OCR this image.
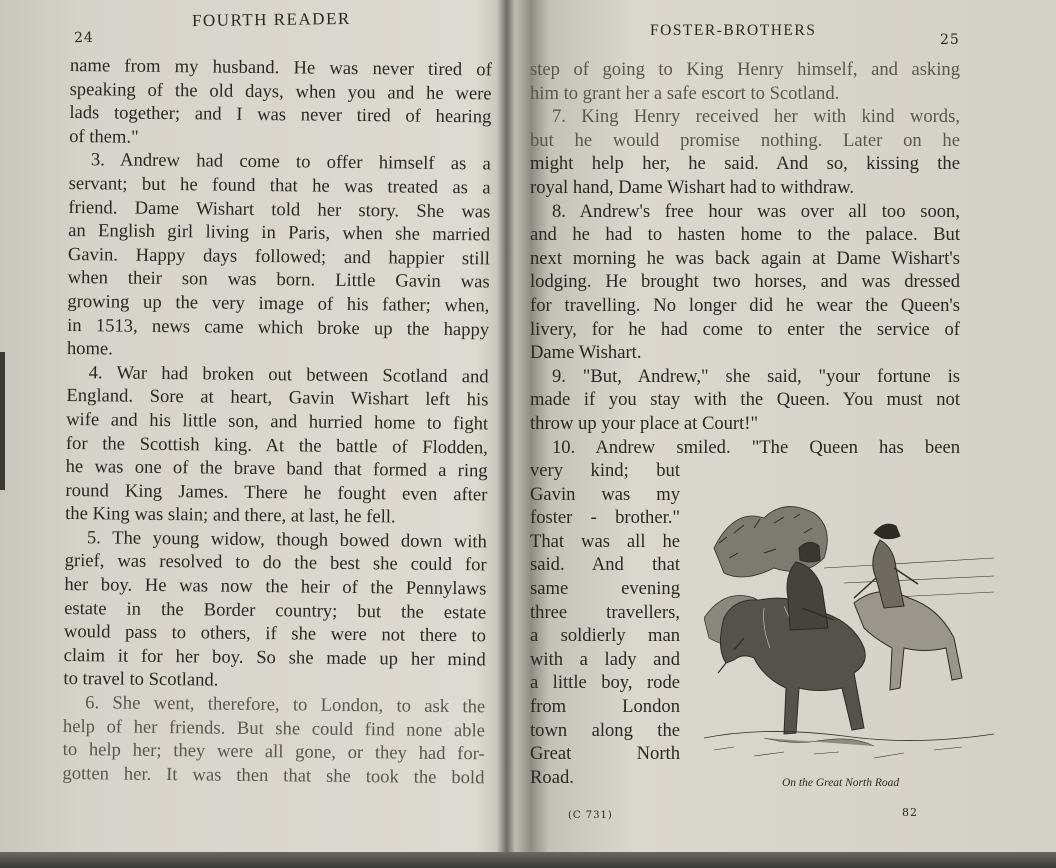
24
FOURTH READER
name from my husband. He was never tired of
speaking of the old days, when you and he were
lads together; and I was never tired of hearing
of them."
3. Andrew had come to offer himself as a
servant; but he found that he was treated as a
friend. Dame Wishart told her story. She was
an English girl living in Paris, when she married
Gavin. Happy days followed; and happier still
when their son was born. Little Gavin was
growing up the very image of his father; when,
in 1513, news came which broke up the happy
home.
4. War had broken out between Scotland and
England. Sore at heart, Gavin Wishart left his
wife and his little son, and hurried home to fight
for the Scottish king. At the battle of Flodden,
he was one of the brave band that formed a ring
round King James. There he fought even after
the King was slain; and there, at last, he fell.
5. The young widow, though bowed down with
grief, was resolved to do the best she could for
her boy. He was now the heir of the Pennylaws
estate in the Border country; but the estate
would pass to others, if she were not there to
claim it for her boy. So she made up her mind
to travel to Scotland.
6. She went, therefore, to London, to ask the
help of her friends. But she could find none able
to help her; they were all gone, or they had for-
gotten her. It was then that she took the bold
FOSTER-BROTHERS
25
step of going to King Henry himself, and asking
him to grant her a safe escort to Scotland.
7. King Henry received her with kind words,
but he would promise nothing. Later on he
might help her, he said. And so, kissing the
royal hand, Dame Wishart had to withdraw.
8. Andrew's free hour was over all too soon,
and he had to hasten home to the palace. But
next morning he was back again at Dame Wishart's
lodging. He brought two horses, and was dressed
for travelling. No longer did he wear the Queen's
livery, for he had come to enter the service of
Dame Wishart.
9. "But, Andrew," she said, "your fortune is
made if you stay with the Queen. You must not
throw up your place at Court!"
10. Andrew smiled. "The Queen has been
very kind; but
Gavin was my
foster - brother."
That was all he
said. And that
same evening
three travellers,
a soldierly man
with a lady and
a little boy, rode
from London
town along the
Great North
Road.	On the Great North Road
(C 731)	82
